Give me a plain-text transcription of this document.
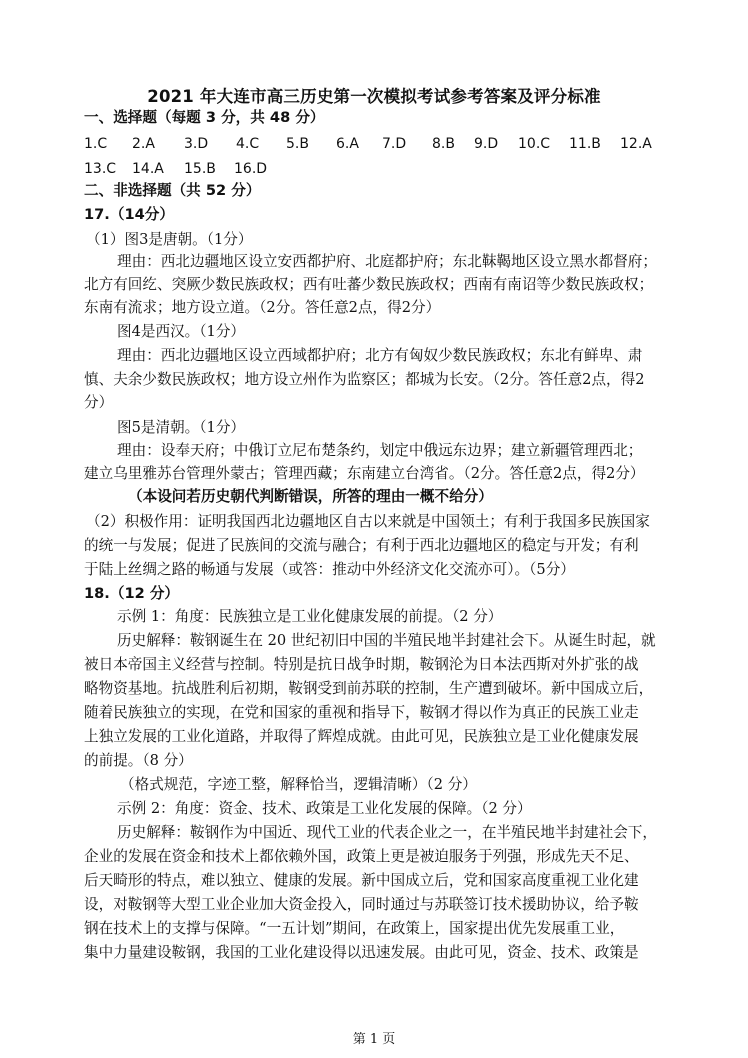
2021 年大连市高三历史第一次模拟考试参考答案及评分标准
一、选择题（每题 3 分，共 48 分）
1.C 2.A 3.D 4.C 5.B 6.A 7.D 8.B 9.D 10.C 11.B 12.A
13.C 14.A 15.B 16.D
二、非选择题（共 52 分）
17.（14分）
（1）图3是唐朝。（1分）
理由：西北边疆地区设立安西都护府、北庭都护府；东北靺鞨地区设立黑水都督府；
北方有回纥、突厥少数民族政权；西有吐蕃少数民族政权；西南有南诏等少数民族政权；
东南有流求；地方设立道。（2分。答任意2点，得2分）
图4是西汉。（1分）
理由：西北边疆地区设立西域都护府；北方有匈奴少数民族政权；东北有鲜卑、肃
慎、夫余少数民族政权；地方设立州作为监察区；都城为长安。（2分。答任意2点，得2
分）
图5是清朝。（1分）
理由：设奉天府；中俄订立尼布楚条约，划定中俄远东边界；建立新疆管理西北；
建立乌里雅苏台管理外蒙古；管理西藏；东南建立台湾省。（2分。答任意2点，得2分）
（本设问若历史朝代判断错误，所答的理由一概不给分）
（2）积极作用：证明我国西北边疆地区自古以来就是中国领土；有利于我国多民族国家
的统一与发展；促进了民族间的交流与融合；有利于西北边疆地区的稳定与开发；有利
于陆上丝绸之路的畅通与发展（或答：推动中外经济文化交流亦可）。（5分）
18.（12 分）
示例 1：角度：民族独立是工业化健康发展的前提。（2 分）
历史解释：鞍钢诞生在 20 世纪初旧中国的半殖民地半封建社会下。从诞生时起，就
被日本帝国主义经营与控制。特别是抗日战争时期，鞍钢沦为日本法西斯对外扩张的战
略物资基地。抗战胜利后初期，鞍钢受到前苏联的控制，生产遭到破坏。新中国成立后，
随着民族独立的实现，在党和国家的重视和指导下，鞍钢才得以作为真正的民族工业走
上独立发展的工业化道路，并取得了辉煌成就。由此可见，民族独立是工业化健康发展
的前提。（8 分）
（格式规范，字迹工整，解释恰当，逻辑清晰）（2 分）
示例 2：角度：资金、技术、政策是工业化发展的保障。（2 分）
历史解释：鞍钢作为中国近、现代工业的代表企业之一，在半殖民地半封建社会下，
企业的发展在资金和技术上都依赖外国，政策上更是被迫服务于列强，形成先天不足、
后天畸形的特点，难以独立、健康的发展。新中国成立后，党和国家高度重视工业化建
设，对鞍钢等大型工业企业加大资金投入，同时通过与苏联签订技术援助协议，给予鞍
钢在技术上的支撑与保障。“一五计划”期间，在政策上，国家提出优先发展重工业，
集中力量建设鞍钢，我国的工业化建设得以迅速发展。由此可见，资金、技术、政策是
第 1 页
